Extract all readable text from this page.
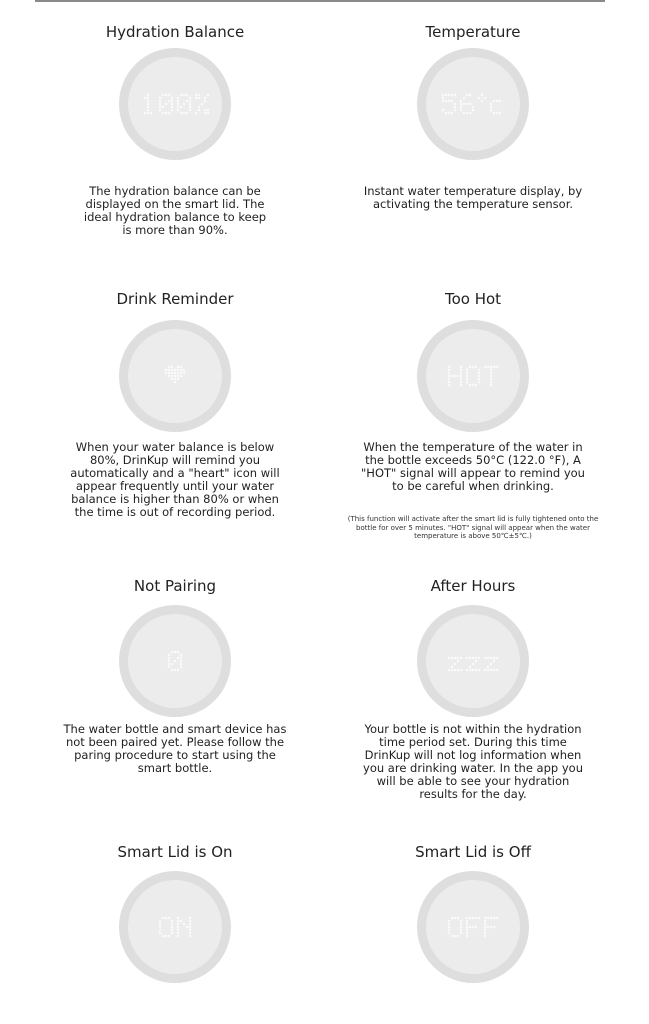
Hydration Balance
The hydration balance can be displayed on the smart lid. The ideal hydration balance to keep is more than 90%.
Temperature
Instant water temperature display, by activating the temperature sensor.
Drink Reminder
When your water balance is below 80%, DrinKup will remind you automatically and a "heart" icon will appear frequently until your water balance is higher than 80% or when the time is out of recording period.
Too Hot
When the temperature of the water in the bottle exceeds 50°C (122.0 °F), A "HOT" signal will appear to remind you to be careful when drinking.
(This function will activate after the smart lid is fully tightened onto the bottle for over 5 minutes. "HOT" signal will appear when the water temperature is above 50℃±5℃.)
Not Pairing
The water bottle and smart device has not been paired yet. Please follow the paring procedure to start using the smart bottle.
After Hours
Your bottle is not within the hydration time period set. During this time DrinKup will not log information when you are drinking water. In the app you will be able to see your hydration results for the day.
Smart Lid is On	Smart Lid is Off
